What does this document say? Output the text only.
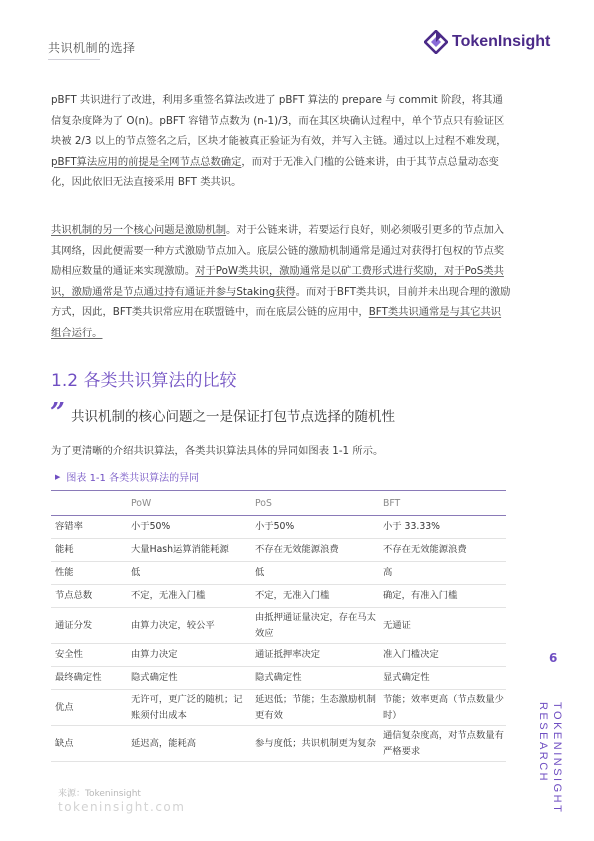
共识机制的选择	TokenInsight

pBFT 共识进行了改进，利用多重签名算法改进了 pBFT 算法的 prepare 与 commit 阶段，将其通信复杂度降为了 O(n)。pBFT 容错节点数为 (n-1)/3，而在其区块确认过程中，单个节点只有验证区块被 2/3 以上的节点签名之后，区块才能被真正验证为有效，并写入主链。通过以上过程不难发现，pBFT算法应用的前提是全网节点总数确定，而对于无准入门槛的公链来讲，由于其节点总量动态变化，因此依旧无法直接采用 BFT 类共识。

共识机制的另一个核心问题是激励机制。对于公链来讲，若要运行良好，则必须吸引更多的节点加入其网络，因此便需要一种方式激励节点加入。底层公链的激励机制通常是通过对获得打包权的节点奖励相应数量的通证来实现激励。对于PoW类共识，激励通常是以矿工费形式进行奖励，对于PoS类共识，激励通常是节点通过持有通证并参与Staking获得。而对于BFT类共识，目前并未出现合理的激励方式，因此，BFT类共识常应用在联盟链中，而在底层公链的应用中，BFT类共识通常是与其它共识组合运行。

1.2 各类共识算法的比较
” 共识机制的核心问题之一是保证打包节点选择的随机性
为了更清晰的介绍共识算法，各类共识算法具体的异同如图表 1-1 所示。
▶ 图表 1-1 各类共识算法的异同
	PoW	PoS	BFT
容错率	小于50%	小于50%	小于 33.33%
能耗	大量Hash运算消能耗源	不存在无效能源浪费	不存在无效能源浪费
性能	低	低	高
节点总数	不定，无准入门槛	不定，无准入门槛	确定，有准入门槛
通证分发	由算力决定，较公平	由抵押通证量决定，存在马太效应	无通证
安全性	由算力决定	通证抵押率决定	准入门槛决定
最终确定性	隐式确定性	隐式确定性	显式确定性
优点	无许可，更广泛的随机；记账须付出成本	延迟低；节能；生态激励机制更有效	节能；效率更高（节点数量少时）
缺点	延迟高，能耗高	参与度低；共识机制更为复杂	通信复杂度高，对节点数量有严格要求
来源：Tokeninsight
tokeninsight.com
6
TOKENINSIGHT
RESEARCH
